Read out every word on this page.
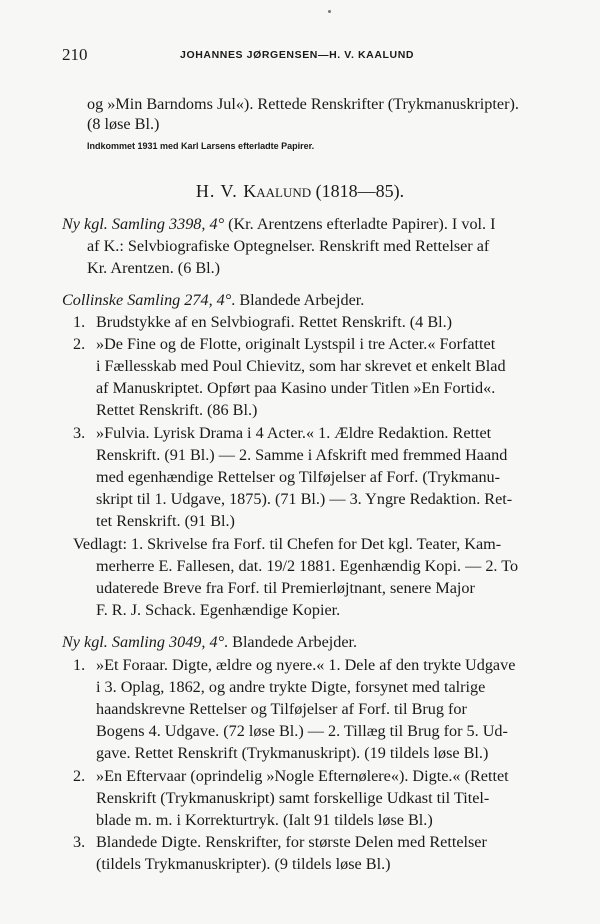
210	JOHANNES JØRGENSEN—H. V. KAALUND
og »Min Barndoms Jul«). Rettede Renskrifter (Trykmanuskripter).
(8 løse Bl.)
Indkommet 1931 med Karl Larsens efterladte Papirer.
H. V. Kaalund (1818—85).
Ny kgl. Samling 3398, 4° (Kr. Arentzens efterladte Papirer). I vol. I
af K.: Selvbiografiske Optegnelser. Renskrift med Rettelser af
Kr. Arentzen. (6 Bl.)
Collinske Samling 274, 4°. Blandede Arbejder.
1. Brudstykke af en Selvbiografi. Rettet Renskrift. (4 Bl.)
2. »De Fine og de Flotte, originalt Lystspil i tre Acter.« Forfattet
i Fællesskab med Poul Chievitz, som har skrevet et enkelt Blad
af Manuskriptet. Opført paa Kasino under Titlen »En Fortid«.
Rettet Renskrift. (86 Bl.)
3. »Fulvia. Lyrisk Drama i 4 Acter.« 1. Ældre Redaktion. Rettet
Renskrift. (91 Bl.) — 2. Samme i Afskrift med fremmed Haand
med egenhændige Rettelser og Tilføjelser af Forf. (Trykmanu-
skript til 1. Udgave, 1875). (71 Bl.) — 3. Yngre Redaktion. Ret-
tet Renskrift. (91 Bl.)
Vedlagt: 1. Skrivelse fra Forf. til Chefen for Det kgl. Teater, Kam-
merherre E. Fallesen, dat. 19/2 1881. Egenhændig Kopi. — 2. To
udaterede Breve fra Forf. til Premierløjtnant, senere Major
F. R. J. Schack. Egenhændige Kopier.
Ny kgl. Samling 3049, 4°. Blandede Arbejder.
1. »Et Foraar. Digte, ældre og nyere.« 1. Dele af den trykte Udgave
i 3. Oplag, 1862, og andre trykte Digte, forsynet med talrige
haandskrevne Rettelser og Tilføjelser af Forf. til Brug for
Bogens 4. Udgave. (72 løse Bl.) — 2. Tillæg til Brug for 5. Ud-
gave. Rettet Renskrift (Trykmanuskript). (19 tildels løse Bl.)
2. »En Eftervaar (oprindelig »Nogle Efternølere«). Digte.« (Rettet
Renskrift (Trykmanuskript) samt forskellige Udkast til Titel-
blade m. m. i Korrekturtryk. (Ialt 91 tildels løse Bl.)
3. Blandede Digte. Renskrifter, for største Delen med Rettelser
(tildels Trykmanuskripter). (9 tildels løse Bl.)
